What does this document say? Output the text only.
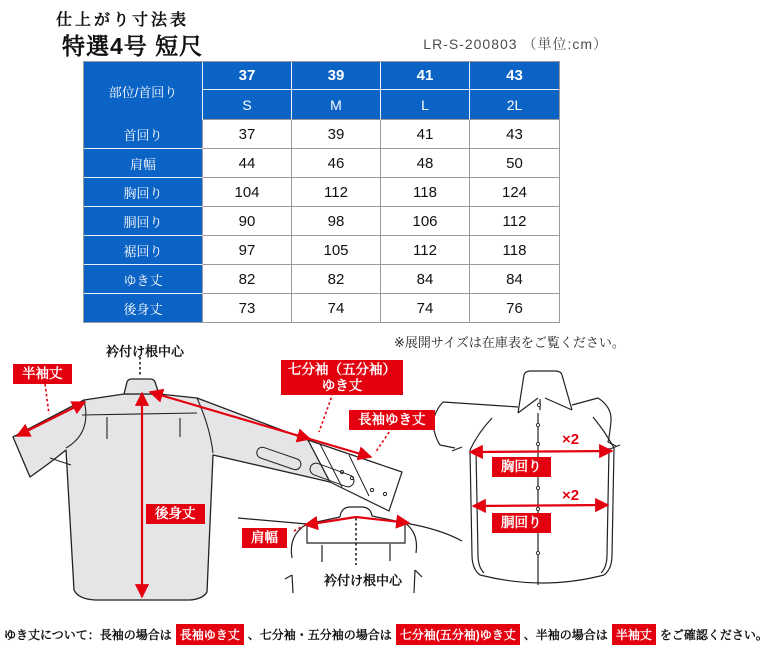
仕上がり寸法表
特選4号 短尺	LR-S-200803 （単位:cm）
部位/首回り	37	39	41	43
	S	M	L	2L
首回り	37	39	41	43
肩幅	44	46	48	50
胸回り	104	112	118	124
胴回り	90	98	106	112
裾回り	97	105	112	118
ゆき丈	82	82	84	84
後身丈	73	74	74	76
※展開サイズは在庫表をご覧ください。
半袖丈
衿付け根中心
七分袖（五分袖）
ゆき丈
長袖ゆき丈
後身丈
肩幅
衿付け根中心
×2
胸回り
×2
胴回り
ゆき丈について：長袖の場合は 長袖ゆき丈 、七分袖・五分袖の場合は 七分袖(五分袖)ゆき丈 、半袖の場合は 半袖丈 をご確認ください。
